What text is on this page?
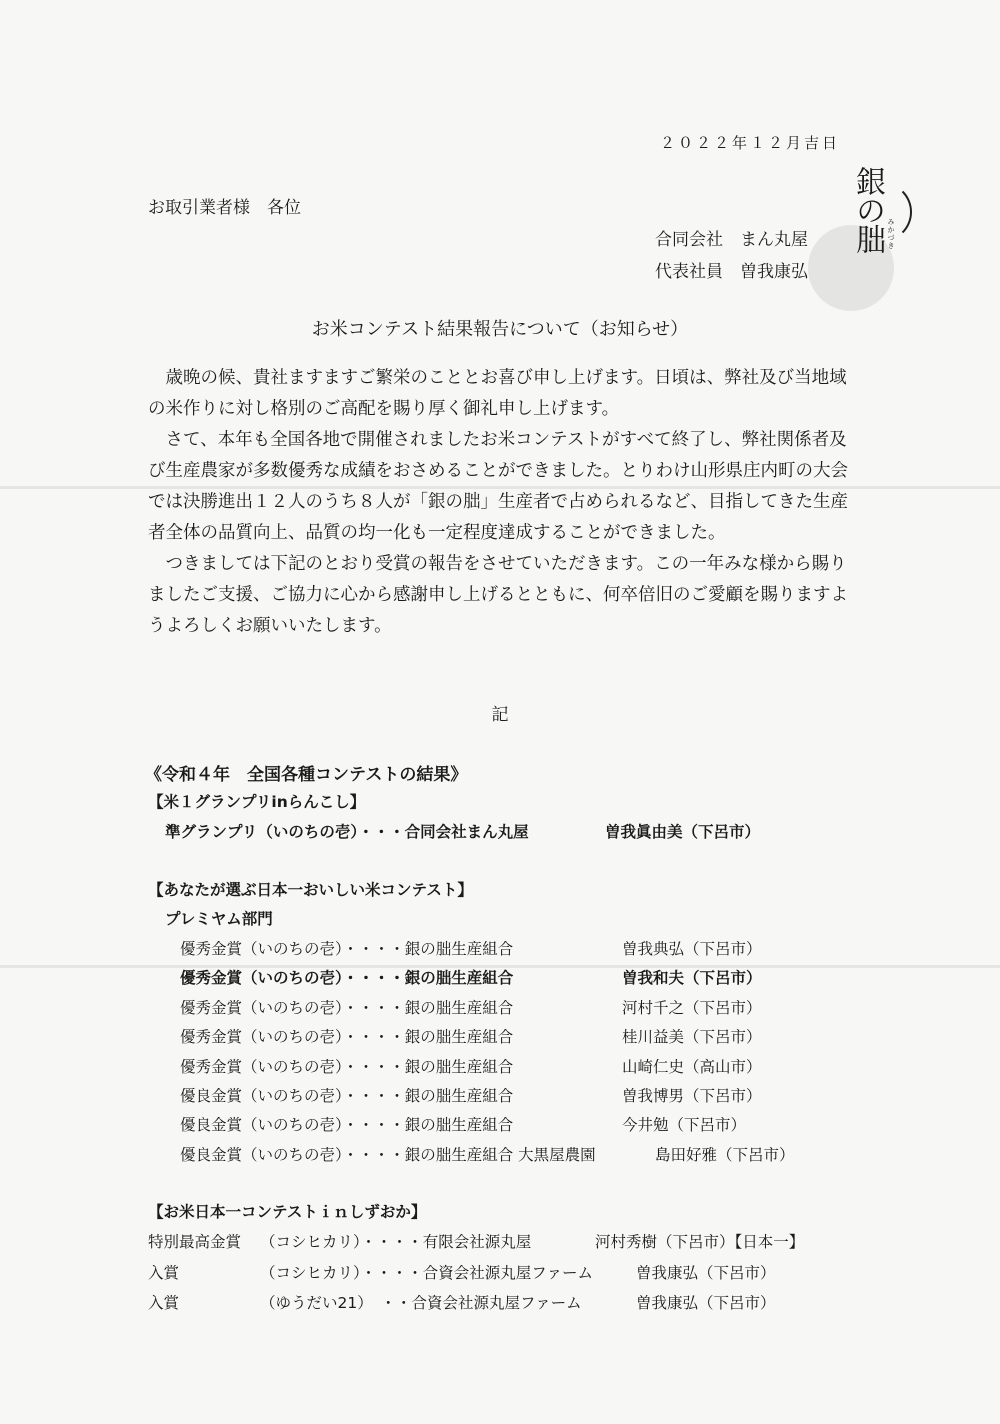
２０２２年１２月吉日
お取引業者様　各位	銀の朏 みかづき
合同会社　まん丸屋
代表社員　曽我康弘
お米コンテスト結果報告について（お知らせ）

歳晩の候、貴社ますますご繁栄のこととお喜び申し上げます。日頃は、弊社及び当地域の米作りに対し格別のご高配を賜り厚く御礼申し上げます。

さて、本年も全国各地で開催されましたお米コンテストがすべて終了し、弊社関係者及び生産農家が多数優秀な成績をおさめることができました。とりわけ山形県庄内町の大会では決勝進出１２人のうち８人が「銀の朏」生産者で占められるなど、目指してきた生産者全体の品質向上、品質の均一化も一定程度達成することができました。

つきましては下記のとおり受賞の報告をさせていただきます。この一年みな様から賜りましたご支援、ご協力に心から感謝申し上げるとともに、何卒倍旧のご愛顧を賜りますようよろしくお願いいたします。

記
《令和４年　全国各種コンテストの結果》
【米１グランプリinらんこし】
準グランプリ（いのちの壱）・・・合同会社まん丸屋	曽我眞由美（下呂市）
【あなたが選ぶ日本一おいしい米コンテスト】
プレミヤム部門
優秀金賞（いのちの壱）・・・・銀の朏生産組合	曽我典弘（下呂市）
優秀金賞（いのちの壱）・・・・銀の朏生産組合	曽我和夫（下呂市）
優秀金賞（いのちの壱）・・・・銀の朏生産組合	河村千之（下呂市）
優秀金賞（いのちの壱）・・・・銀の朏生産組合	桂川益美（下呂市）
優秀金賞（いのちの壱）・・・・銀の朏生産組合	山崎仁史（高山市）
優良金賞（いのちの壱）・・・・銀の朏生産組合	曽我博男（下呂市）
優良金賞（いのちの壱）・・・・銀の朏生産組合	今井勉（下呂市）
優良金賞（いのちの壱）・・・・銀の朏生産組合 大黒屋農園	島田好雅（下呂市）
【お米日本一コンテストｉｎしずおか】
特別最高金賞 （コシヒカリ）・・・・有限会社源丸屋	河村秀樹（下呂市）【日本一】
入賞	（コシヒカリ）・・・・合資会社源丸屋ファーム	曽我康弘（下呂市）
入賞	（ゆうだい21）　・・合資会社源丸屋ファーム	曽我康弘（下呂市）
